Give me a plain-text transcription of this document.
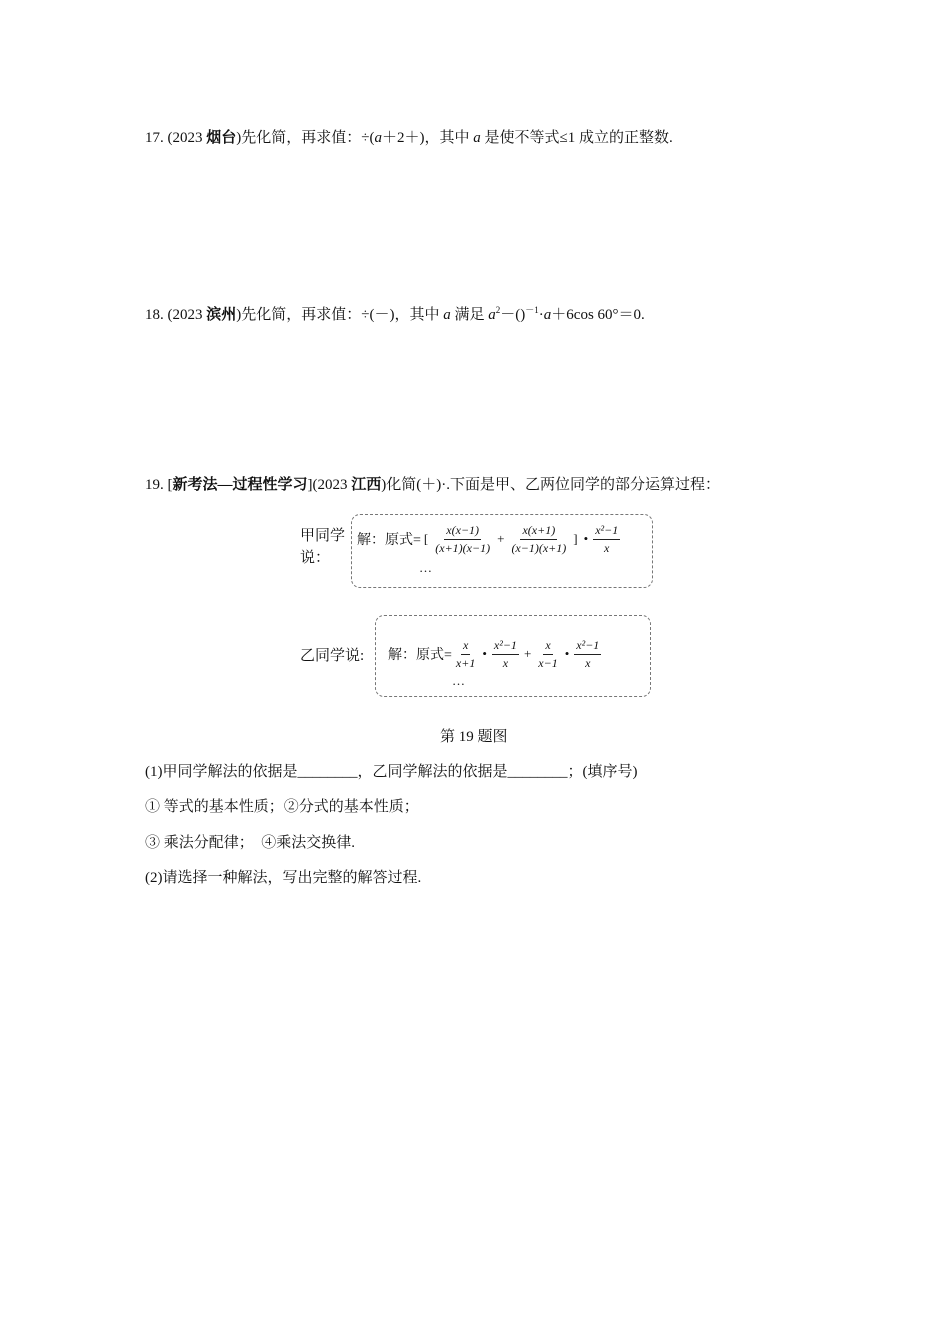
17. (2023 烟台)先化简，再求值：÷(a＋2＋)，其中 a 是使不等式≤1 成立的正整数.
18. (2023 滨州)先化简，再求值：÷(－)，其中 a 满足 $a^2-()^{-1}\cdot a+6\cos$ 60°＝0.
19. [新考法—过程性学习](2023 江西)化简(＋)·.下面是甲、乙两位同学的部分运算过程：
甲同学说：
解：原式= [ $\frac{x(x-1)}{(x+1)(x-1)} + \frac{x(x+1)}{(x-1)(x+1)}$ ] • $\frac{\text{x²−1}}{x}$
…
乙同学说: 解：原式= $\frac{x}{x+1}$ • $\frac{\text{x²−1}}{x} + \frac{x}{x-1}$ • $\frac{\text{x²−1}}{x}$
…
第 19 题图
(1)甲同学解法的依据是________，乙同学解法的依据是________；(填序号)
① 等式的基本性质；②分式的基本性质；
③ 乘法分配律；　④乘法交换律.
(2)请选择一种解法，写出完整的解答过程.
